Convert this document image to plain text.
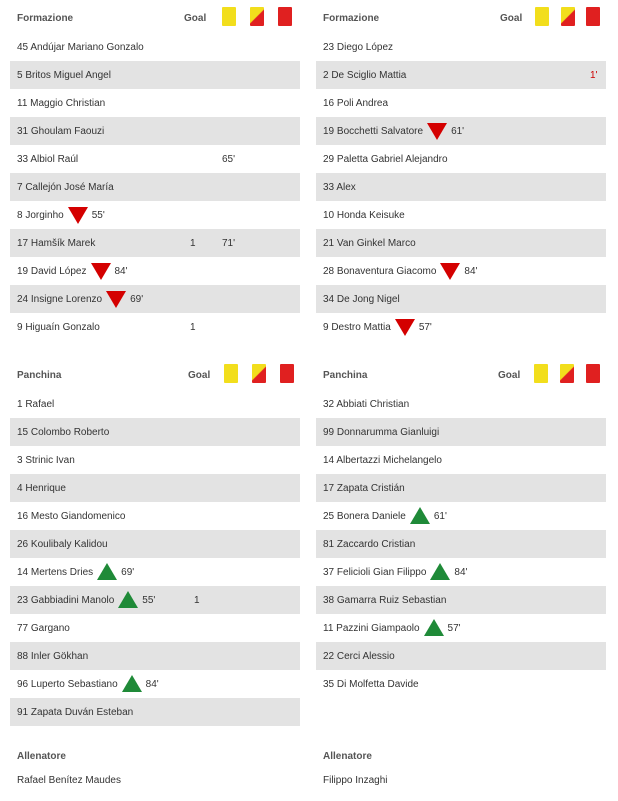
Formazione	Goal
45 Andújar Mariano Gonzalo
5 Britos Miguel Angel
11 Maggio Christian
31 Ghoulam Faouzi
33 Albiol Raúl	65'
7 Callejón José María
8 Jorginho	55'
17 Hamšík Marek	1	71'
19 David López	84'
24 Insigne Lorenzo	69'
9 Higuaín Gonzalo	1
Panchina	Goal
1 Rafael
15 Colombo Roberto
3 Strinic Ivan
4 Henrique
16 Mesto Giandomenico
26 Koulibaly Kalidou
14 Mertens Dries	69'
23 Gabbiadini Manolo	55'	1
77 Gargano
88 Inler Gökhan
96 Luperto Sebastiano	84'
91 Zapata Duván Esteban
Allenatore
Rafael Benítez Maudes
Formazione	Goal
23 Diego López
2 De Sciglio Mattia	1'
16 Poli Andrea
19 Bocchetti Salvatore	61'
29 Paletta Gabriel Alejandro
33 Alex
10 Honda Keisuke
21 Van Ginkel Marco
28 Bonaventura Giacomo	84'
34 De Jong Nigel
9 Destro Mattia	57'
Panchina	Goal
32 Abbiati Christian
99 Donnarumma Gianluigi
14 Albertazzi Michelangelo
17 Zapata Cristián
25 Bonera Daniele	61'
81 Zaccardo Cristian
37 Felicioli Gian Filippo	84'
38 Gamarra Ruiz Sebastian
11 Pazzini Giampaolo	57'
22 Cerci Alessio
35 Di Molfetta Davide
Allenatore
Filippo Inzaghi
